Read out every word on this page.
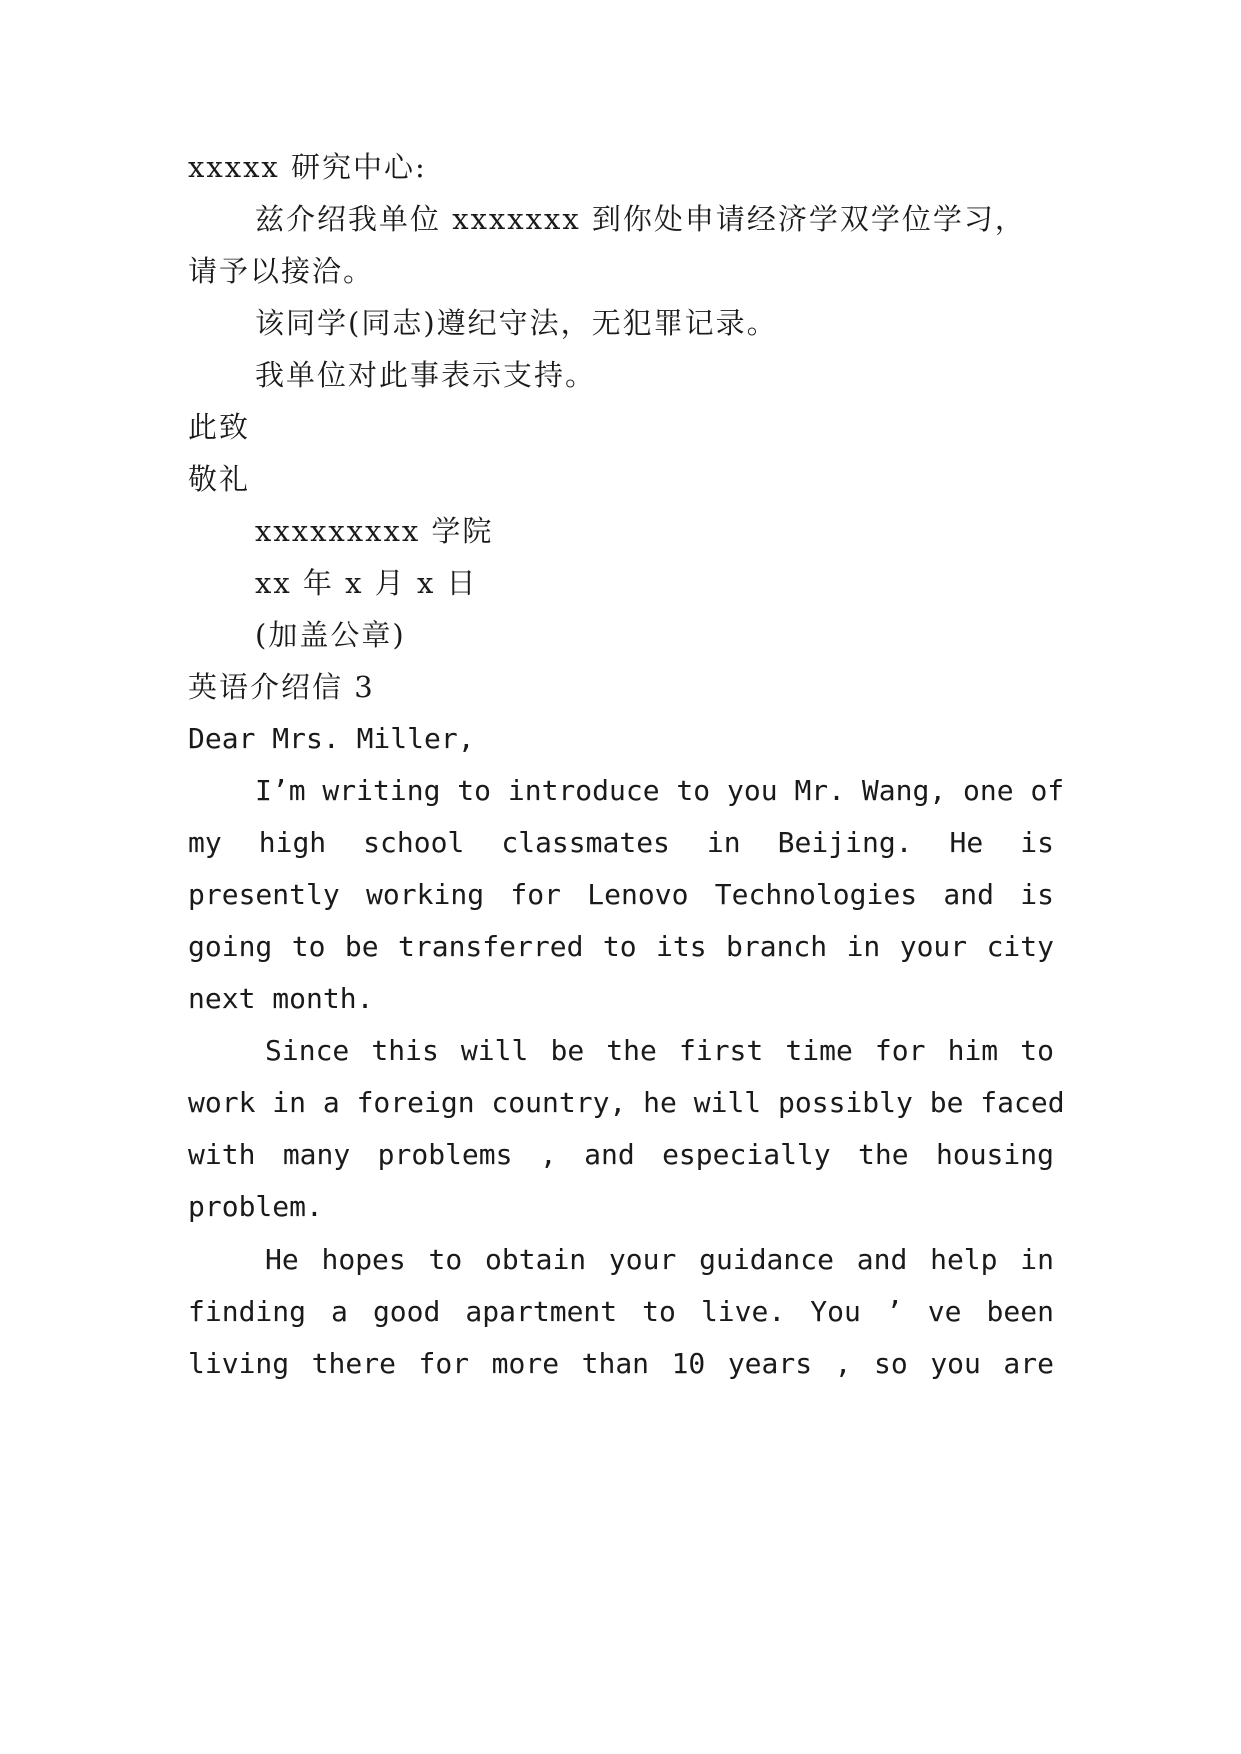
xxxxx 研究中心:
兹介绍我单位 xxxxxxx 到你处申请经济学双学位学习，
请予以接洽。
该同学(同志)遵纪守法，无犯罪记录。
我单位对此事表示支持。
此致
敬礼
xxxxxxxxx 学院
xx 年 x 月 x 日
(加盖公章)
英语介绍信 3
Dear Mrs. Miller,
I’m writing to introduce to you Mr. Wang, one of
my high school classmates in Beijing. He is
presently working for Lenovo Technologies and is
going to be transferred to its branch in your city
next month.
Since this will be the first time for him to
work in a foreign country, he will possibly be faced
with many problems , and especially the housing
problem.
He hopes to obtain your guidance and help in
finding a good apartment to live. You ’ ve been
living there for more than 10 years , so you are
